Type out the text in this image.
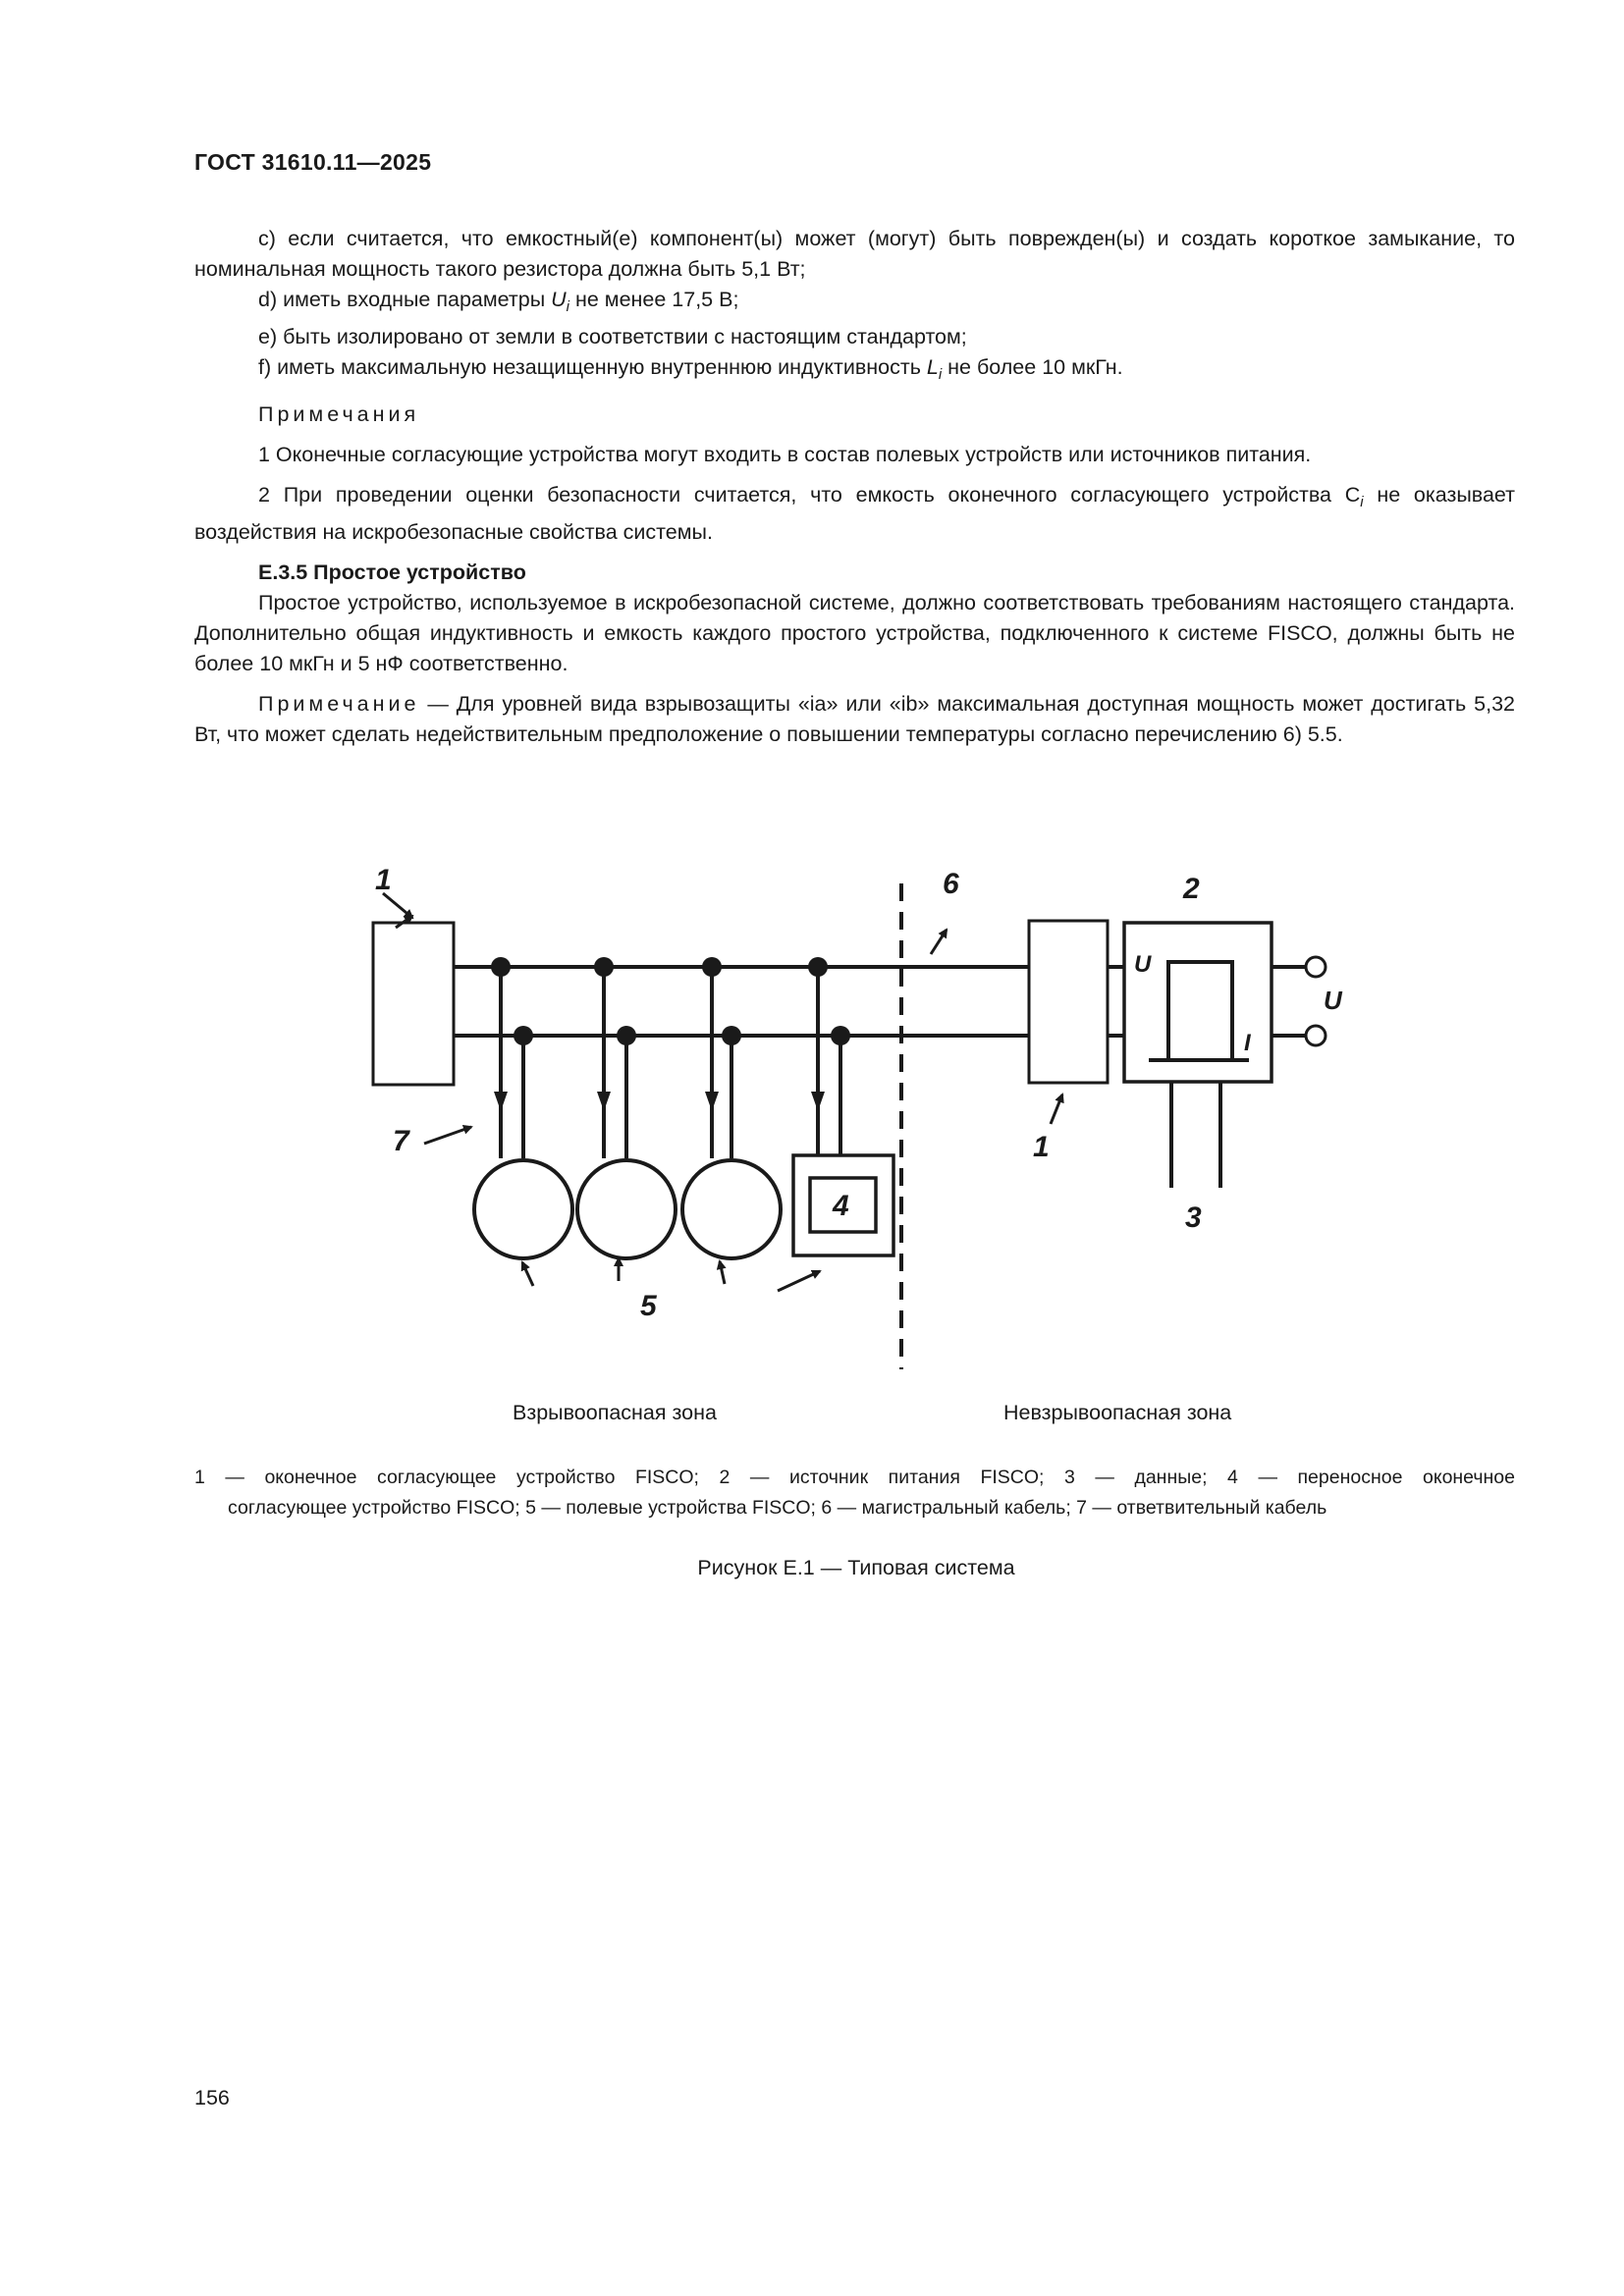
ГОСТ 31610.11—2025

c) если считается, что емкостный(е) компонент(ы) может (могут) быть поврежден(ы) и создать короткое замыкание, то номинальная мощность такого резистора должна быть 5,1 Вт;

d) иметь входные параметры $U_i$ не менее 17,5 В;

e) быть изолировано от земли в соответствии с настоящим стандартом;

f) иметь максимальную незащищенную внутреннюю индуктивность $L_i$ не более 10 мкГн.

Примечания

1 Оконечные согласующие устройства могут входить в состав полевых устройств или источников питания.

2 При проведении оценки безопасности считается, что емкость оконечного согласующего устройства $C_i$ не оказывает воздействия на искробезопасные свойства системы.

Е.3.5 Простое устройство

Простое устройство, используемое в искробезопасной системе, должно соответствовать требованиям настоящего стандарта. Дополнительно общая индуктивность и емкость каждого простого устройства, подключенного к системе FISCO, должны быть не более 10 мкГн и 5 нФ соответственно.

Примечание — Для уровней вида взрывозащиты «ia» или «ib» максимальная доступная мощность может достигать 5,32 Вт, что может сделать недействительным предположение о повышении температуры согласно перечислению 6) 5.5.

1
7
5
4
6
1
2
3
U
I
U
Взрывоопасная зона	Невзрывоопасная зона

1 — оконечное согласующее устройство FISCO; 2 — источник питания FISCO; 3 — данные; 4 — переносное оконечное

согласующее устройство FISCO; 5 — полевые устройства FISCO; 6 — магистральный кабель; 7 — ответвительный кабель

Рисунок Е.1 — Типовая система
156
